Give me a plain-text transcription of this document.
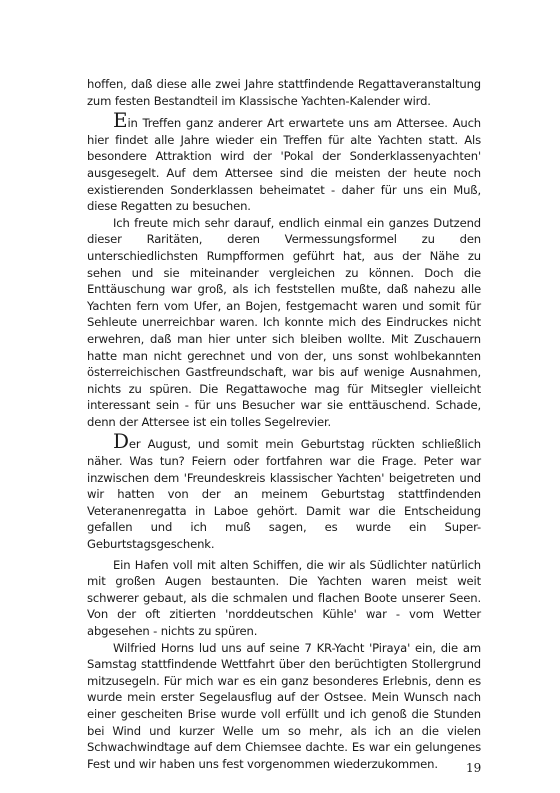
hoffen, daß diese alle zwei Jahre stattfindende Regattaveranstaltung zum festen Bestandteil im Klassische Yachten-Kalender wird.

Ein Treffen ganz anderer Art erwartete uns am Attersee. Auch hier findet alle Jahre wieder ein Treffen für alte Yachten statt. Als besondere Attraktion wird der 'Pokal der Sonderklassenyachten' ausgesegelt. Auf dem Attersee sind die meisten der heute noch existierenden Sonderklassen beheimatet - daher für uns ein Muß, diese Regatten zu besuchen.

Ich freute mich sehr darauf, endlich einmal ein ganzes Dutzend dieser Raritäten, deren Vermessungsformel zu den unterschiedlichsten Rumpfformen geführt hat, aus der Nähe zu sehen und sie miteinander vergleichen zu können. Doch die Enttäuschung war groß, als ich feststellen mußte, daß nahezu alle Yachten fern vom Ufer, an Bojen, festgemacht waren und somit für Sehleute unerreichbar waren. Ich konnte mich des Eindruckes nicht erwehren, daß man hier unter sich bleiben wollte. Mit Zuschauern hatte man nicht gerechnet und von der, uns sonst wohlbekannten österreichischen Gastfreundschaft, war bis auf wenige Ausnahmen, nichts zu spüren. Die Regattawoche mag für Mitsegler vielleicht interessant sein - für uns Besucher war sie enttäuschend. Schade, denn der Attersee ist ein tolles Segelrevier.

Der August, und somit mein Geburtstag rückten schließlich näher. Was tun? Feiern oder fortfahren war die Frage. Peter war inzwischen dem 'Freundeskreis klassischer Yachten' beigetreten und wir hatten von der an meinem Geburtstag stattfindenden Veteranenregatta in Laboe gehört. Damit war die Entscheidung gefallen und ich muß sagen, es wurde ein Super-Geburtstagsgeschenk.

Ein Hafen voll mit alten Schiffen, die wir als Südlichter natürlich mit großen Augen bestaunten. Die Yachten waren meist weit schwerer gebaut, als die schmalen und flachen Boote unserer Seen. Von der oft zitierten 'norddeutschen Kühle' war - vom Wetter abgesehen - nichts zu spüren.

Wilfried Horns lud uns auf seine 7 KR-Yacht 'Piraya' ein, die am Samstag stattfindende Wettfahrt über den berüchtigten Stollergrund mitzusegeln. Für mich war es ein ganz besonderes Erlebnis, denn es wurde mein erster Segelausflug auf der Ostsee. Mein Wunsch nach einer gescheiten Brise wurde voll erfüllt und ich genoß die Stunden bei Wind und kurzer Welle um so mehr, als ich an die vielen Schwachwindtage auf dem Chiemsee dachte. Es war ein gelungenes Fest und wir haben uns fest vorgenommen wiederzukommen.	19
